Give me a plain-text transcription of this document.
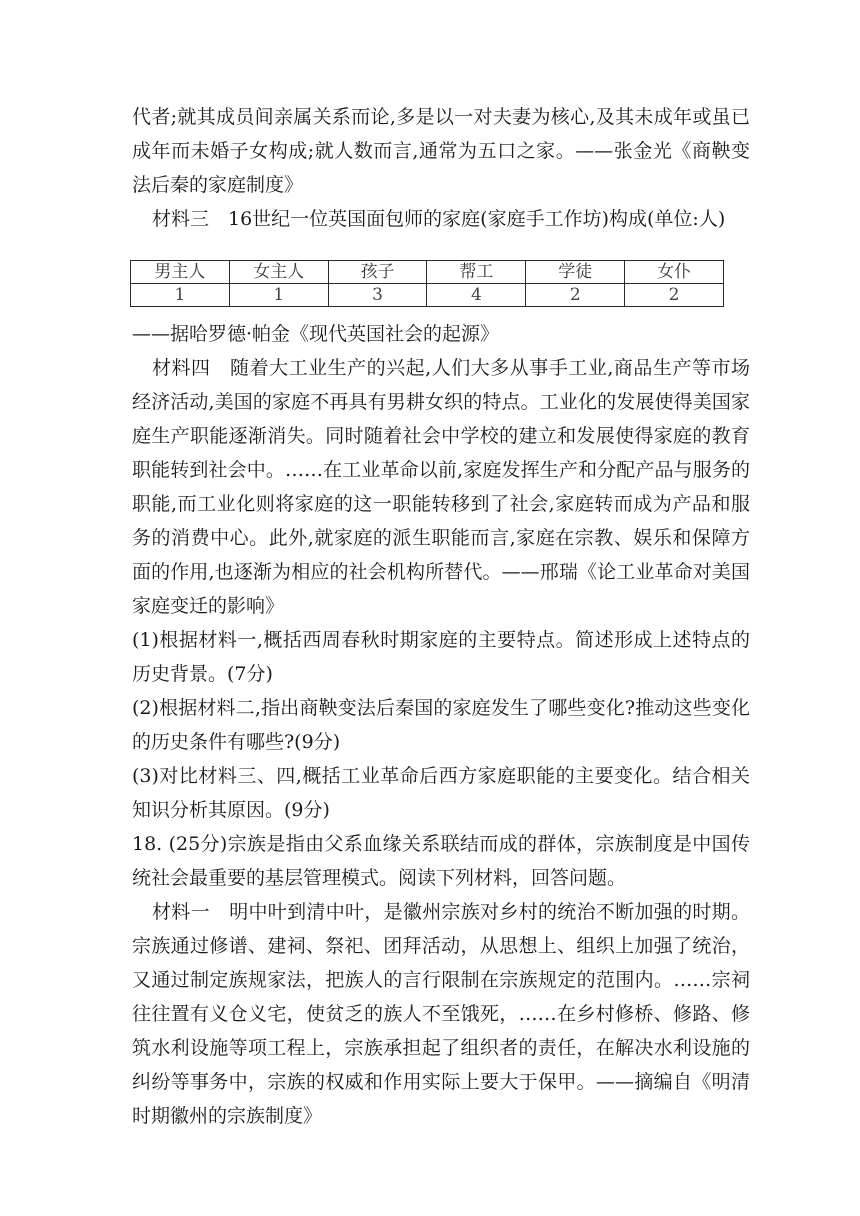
代者;就其成员间亲属关系而论,多是以一对夫妻为核心,及其未成年或虽已成年而未婚子女构成;就人数而言,通常为五口之家。——张金光《商鞅变法后秦的家庭制度》

材料三　16世纪一位英国面包师的家庭(家庭手工作坊)构成(单位:人)

男主人	女主人	孩子	帮工	学徒	女仆
1	1	3	4	2	2

——据哈罗德·帕金《现代英国社会的起源》

材料四　随着大工业生产的兴起,人们大多从事手工业,商品生产等市场经济活动,美国的家庭不再具有男耕女织的特点。工业化的发展使得美国家庭生产职能逐渐消失。同时随着社会中学校的建立和发展使得家庭的教育职能转到社会中。……在工业革命以前,家庭发挥生产和分配产品与服务的职能,而工业化则将家庭的这一职能转移到了社会,家庭转而成为产品和服务的消费中心。此外,就家庭的派生职能而言,家庭在宗教、娱乐和保障方面的作用,也逐渐为相应的社会机构所替代。——邢瑞《论工业革命对美国家庭变迁的影响》

(1)根据材料一,概括西周春秋时期家庭的主要特点。简述形成上述特点的历史背景。(7分)

(2)根据材料二,指出商鞅变法后秦国的家庭发生了哪些变化?推动这些变化的历史条件有哪些?(9分)

(3)对比材料三、四,概括工业革命后西方家庭职能的主要变化。结合相关知识分析其原因。(9分)

18. (25分)宗族是指由父系血缘关系联结而成的群体，宗族制度是中国传统社会最重要的基层管理模式。阅读下列材料，回答问题。

材料一　明中叶到清中叶，是徽州宗族对乡村的统治不断加强的时期。宗族通过修谱、建祠、祭祀、团拜活动，从思想上、组织上加强了统治，又通过制定族规家法，把族人的言行限制在宗族规定的范围内。……宗祠往往置有义仓义宅，使贫乏的族人不至饿死，……在乡村修桥、修路、修筑水利设施等项工程上，宗族承担起了组织者的责任，在解决水利设施的纠纷等事务中，宗族的权威和作用实际上要大于保甲。——摘编自《明清时期徽州的宗族制度》
